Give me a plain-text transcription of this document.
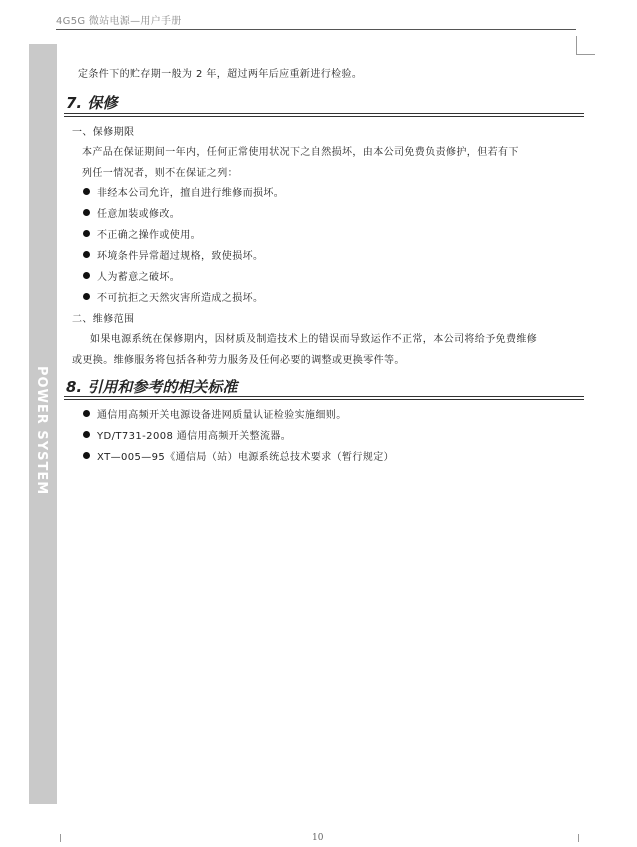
4G5G 微站电源—用户手册
POWER SYSTEM
定条件下的贮存期一般为 2 年，超过两年后应重新进行检验。
7. 保修
一、保修期限
本产品在保证期间一年内，任何正常使用状况下之自然损坏，由本公司免费负责修护，但若有下
列任一情况者，则不在保证之列：
非经本公司允许，擅自进行维修而损坏。
任意加装或修改。
不正确之操作或使用。
环境条件异常超过规格，致使损坏。
人为蓄意之破坏。
不可抗拒之天然灾害所造成之损坏。
二、维修范围
如果电源系统在保修期内，因材质及制造技术上的错误而导致运作不正常，本公司将给予免费维修
或更换。维修服务将包括各种劳力服务及任何必要的调整或更换零件等。
8. 引用和参考的相关标准
通信用高频开关电源设备进网质量认证检验实施细则。
YD/T731-2008 通信用高频开关整流器。
XT—005—95《通信局（站）电源系统总技术要求（暂行规定）
10
